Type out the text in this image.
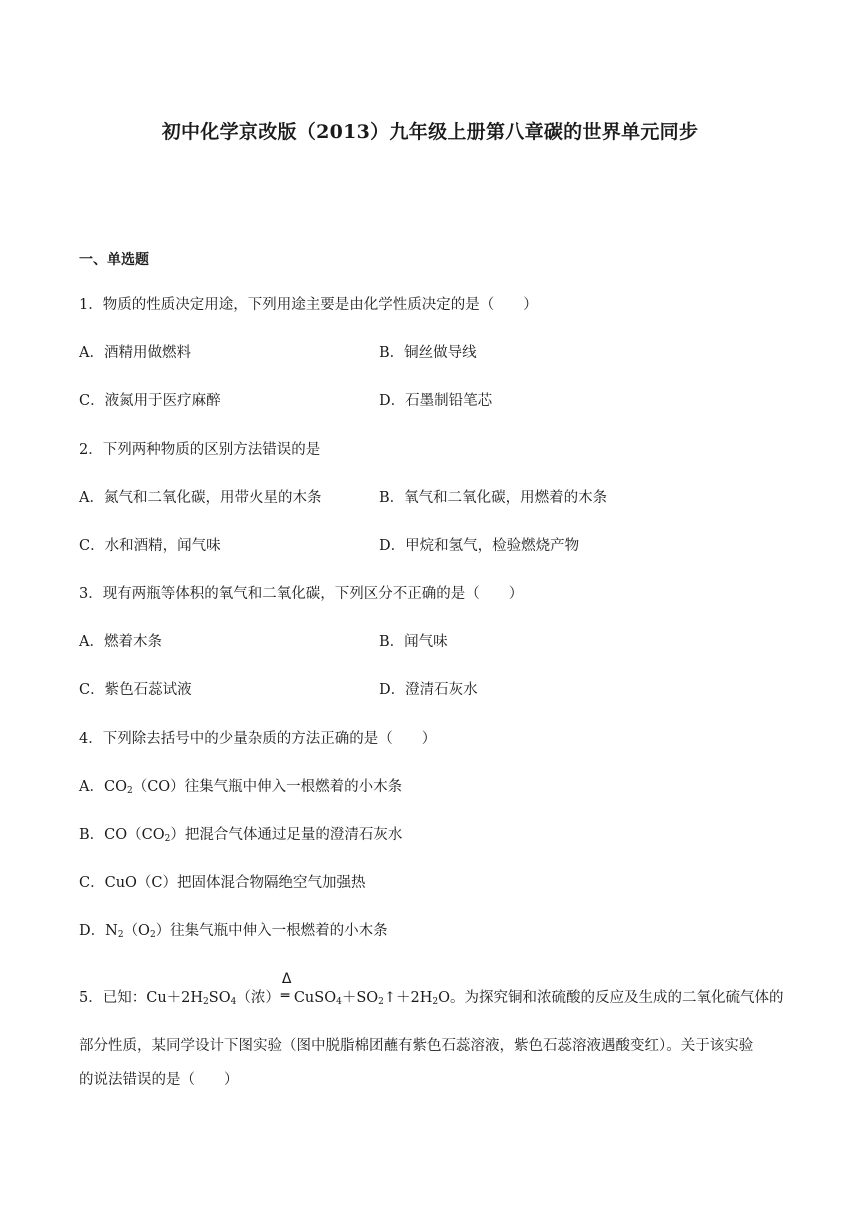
初中化学京改版（2013）九年级上册第八章碳的世界单元同步
一、单选题
1．物质的性质决定用途，下列用途主要是由化学性质决定的是（　　）
A．酒精用做燃料	B．铜丝做导线
C．液氮用于医疗麻醉	D．石墨制铅笔芯
2．下列两种物质的区别方法错误的是
A．氮气和二氧化碳，用带火星的木条	B．氧气和二氧化碳，用燃着的木条
C．水和酒精，闻气味	D．甲烷和氢气，检验燃烧产物
3．现有两瓶等体积的氧气和二氧化碳，下列区分不正确的是（　　）
A．燃着木条	B．闻气味
C．紫色石蕊试液	D．澄清石灰水
4．下列除去括号中的少量杂质的方法正确的是（　　）
A．$CO_2(CO)$往集气瓶中伸入一根燃着的小木条
B．$CO(CO_2)$把混合气体通过足量的澄清石灰水
C．CuO（C）把固体混合物隔绝空气加强热
D．$N_2(O_2)$往集气瓶中伸入一根燃着的小木条
5．已知：$Cu+2H_2SO_4$（浓）
Δ
═ $CuSO_4+SO_2↑+2H_2O$。为探究铜和浓硫酸的反应及生成的二氧化硫气体的
部分性质，某同学设计下图实验（图中脱脂棉团蘸有紫色石蕊溶液，紫色石蕊溶液遇酸变红）。关于该实验
的说法错误的是（　　）
